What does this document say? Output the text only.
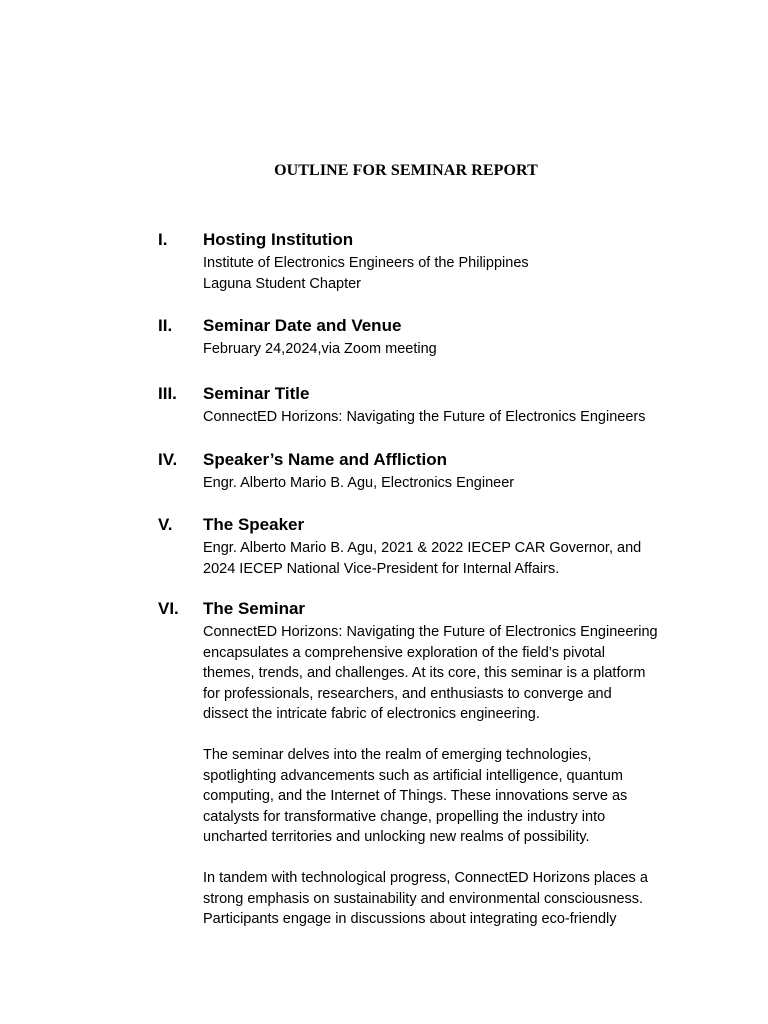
OUTLINE FOR SEMINAR REPORT
I. Hosting Institution
Institute of Electronics Engineers of the Philippines
Laguna Student Chapter
II. Seminar Date and Venue
February 24,2024,via Zoom meeting
III. Seminar Title
ConnectED Horizons: Navigating the Future of Electronics Engineers
IV. Speaker’s Name and Affliction
Engr. Alberto Mario B. Agu, Electronics Engineer
V. The Speaker
Engr. Alberto Mario B. Agu, 2021 & 2022 IECEP CAR Governor, and
2024 IECEP National Vice-President for Internal Affairs.
VI. The Seminar

ConnectED Horizons: Navigating the Future of Electronics Engineering
encapsulates a comprehensive exploration of the field’s pivotal
themes, trends, and challenges. At its core, this seminar is a platform
for professionals, researchers, and enthusiasts to converge and
dissect the intricate fabric of electronics engineering.

The seminar delves into the realm of emerging technologies,
spotlighting advancements such as artificial intelligence, quantum
computing, and the Internet of Things. These innovations serve as
catalysts for transformative change, propelling the industry into
uncharted territories and unlocking new realms of possibility.

In tandem with technological progress, ConnectED Horizons places a
strong emphasis on sustainability and environmental consciousness.
Participants engage in discussions about integrating eco-friendly
